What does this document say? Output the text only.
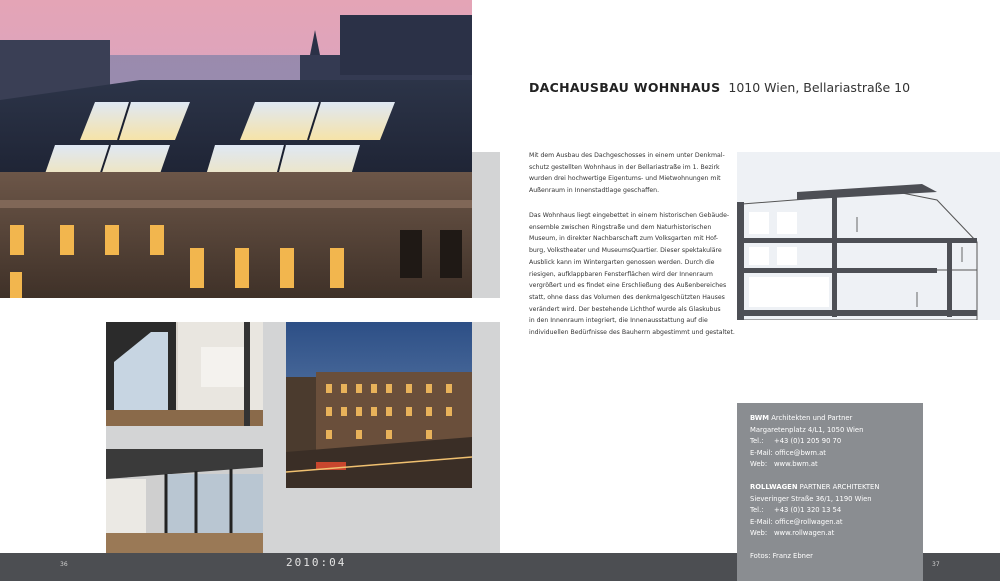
DACHAUSBAU WOHNHAUS 1010 Wien, Bellariastraße 10
Mit dem Ausbau des Dachgeschosses in einem unter Denkmal-
schutz gestellten Wohnhaus in der Bellariastraße im 1. Bezirk
wurden drei hochwertige Eigentums- und Mietwohnungen mit
Außenraum in Innenstadtlage geschaffen.
Das Wohnhaus liegt eingebettet in einem historischen Gebäude-
ensemble zwischen Ringstraße und dem Naturhistorischen
Museum, in direkter Nachbarschaft zum Volksgarten mit Hof-
burg, Volkstheater und MuseumsQuartier. Dieser spektakuläre
Ausblick kann im Wintergarten genossen werden. Durch die
riesigen, aufklappbaren Fensterflächen wird der Innenraum
vergrößert und es findet eine Erschließung des Außenbereiches
statt, ohne dass das Volumen des denkmalgeschützten Hauses
verändert wird. Der bestehende Lichthof wurde als Glaskubus
in den Innenraum integriert, die Innenausstattung auf die
individuellen Bedürfnisse des Bauherrn abgestimmt und gestaltet.
36	2010:04	37
BWM Architekten und Partner
Margaretenplatz 4/L1, 1050 Wien
Tel.: +43 (0)1 205 90 70
E-Mail: office@bwm.at
Web: www.bwm.at
ROLLWAGEN PARTNER ARCHITEKTEN
Sieveringer Straße 36/1, 1190 Wien
Tel.: +43 (0)1 320 13 54
E-Mail: office@rollwagen.at
Web: www.rollwagen.at
Fotos: Franz Ebner
